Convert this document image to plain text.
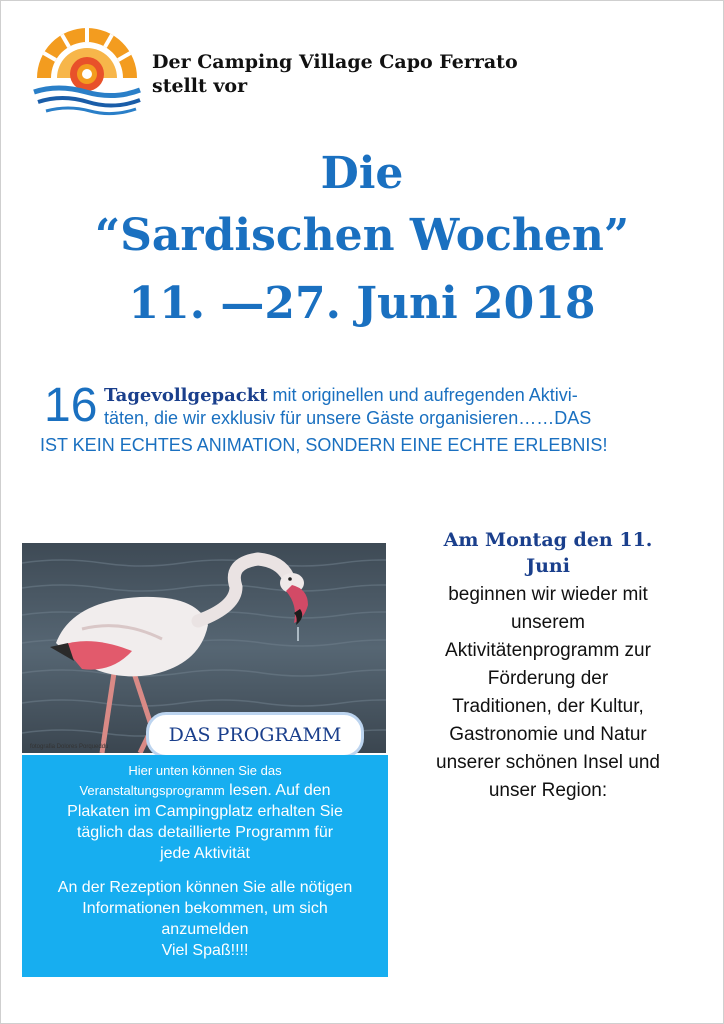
Der Camping Village Capo Ferrato
stellt vor
Die
“Sardischen Wochen”
11. —27. Juni 2018
16 Tagevollgepackt mit originellen und aufregenden Aktivi-
täten, die wir exklusiv für unsere Gäste organisieren……DAS
IST KEIN ECHTES ANIMATION, SONDERN EINE ECHTE ERLEBNIS!
fotografia Dolores Porqueddu
DAS PROGRAMM

Hier unten können Sie das

Veranstaltungsprogramm lesen. Auf den

Plakaten im Campingplatz erhalten Sie

täglich das detaillierte Programm für

jede Aktivität

An der Rezeption können Sie alle nötigen

Informationen bekommen, um sich

anzumelden

Viel Spaß!!!!

Am Montag den 11.
Juni
beginnen wir wieder mit
unserem
Aktivitätenprogramm zur
Förderung der
Traditionen, der Kultur,
Gastronomie und Natur
unserer schönen Insel und
unser Region:
